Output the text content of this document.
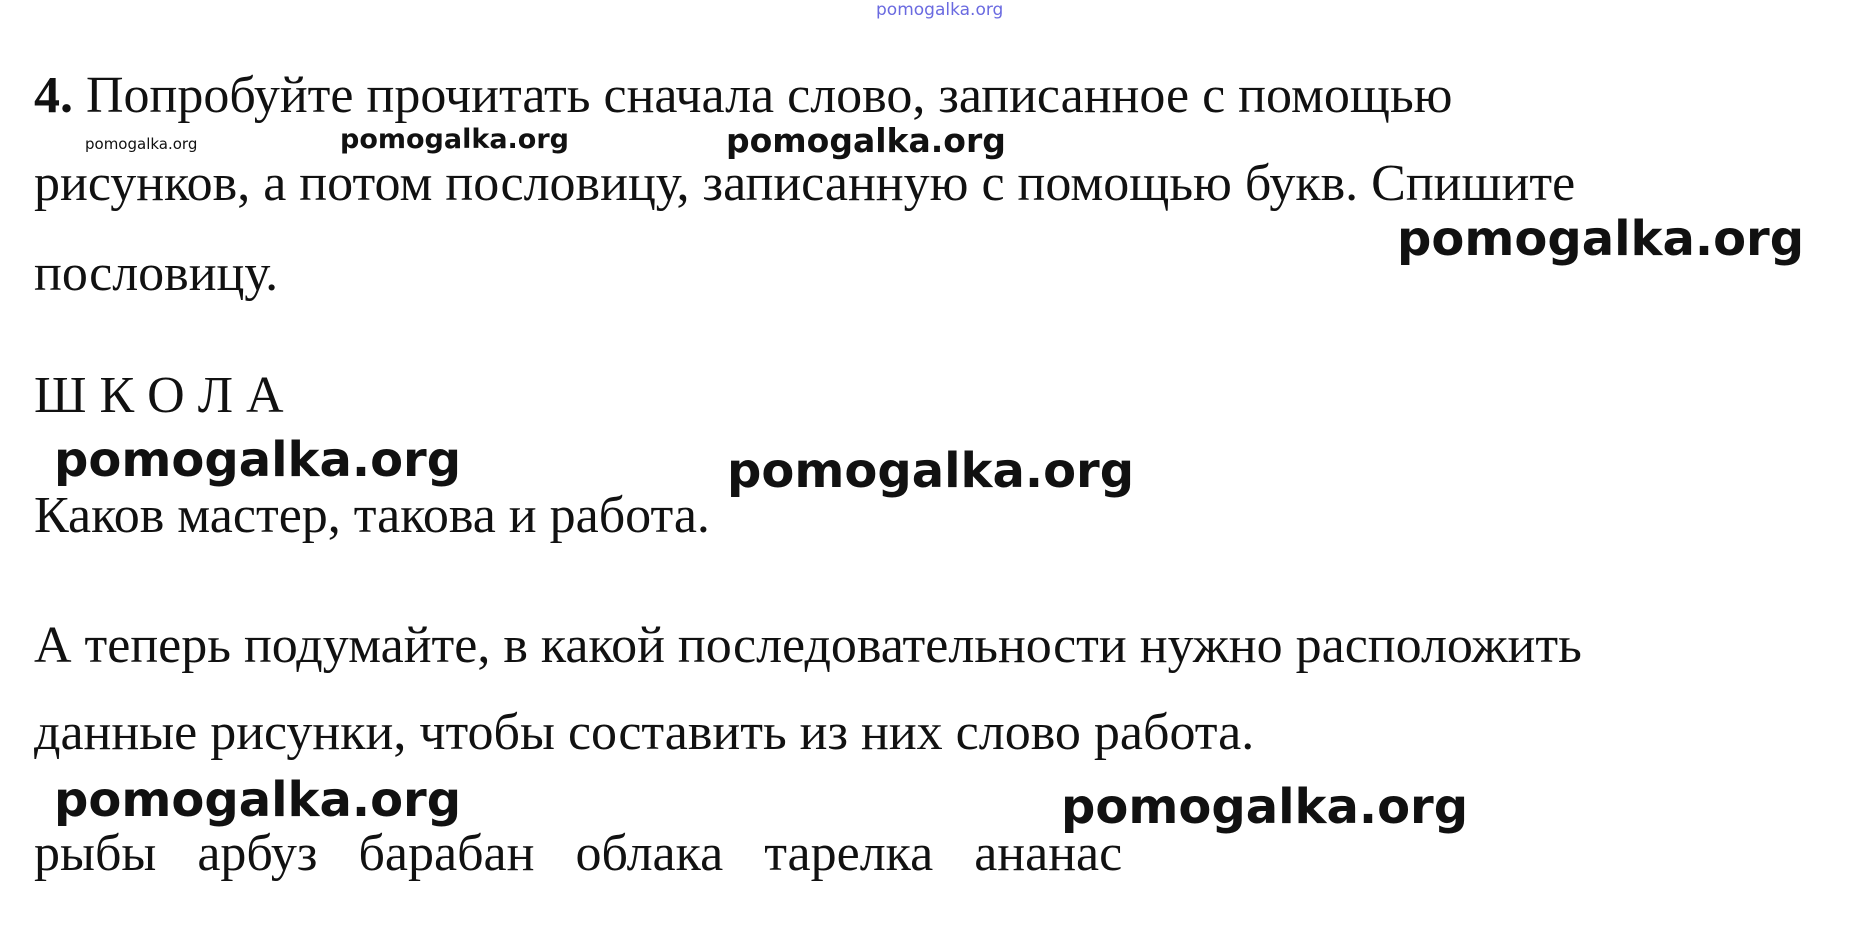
pomogalka.org
4. Попробуйте прочитать сначала слово, записанное с помощью
рисунков, а потом пословицу, записанную с помощью букв. Спишите
пословицу.
Ш К О Л А
Каков мастер, такова и работа.
А теперь подумайте, в какой последовательности нужно расположить
данные рисунки, чтобы составить из них слово работа.
рыбы арбуз барабан облака тарелка ананас
pomogalka.org	pomogalka.org	pomogalka.org
pomogalka.org
pomogalka.org	pomogalka.org
pomogalka.org	pomogalka.org
